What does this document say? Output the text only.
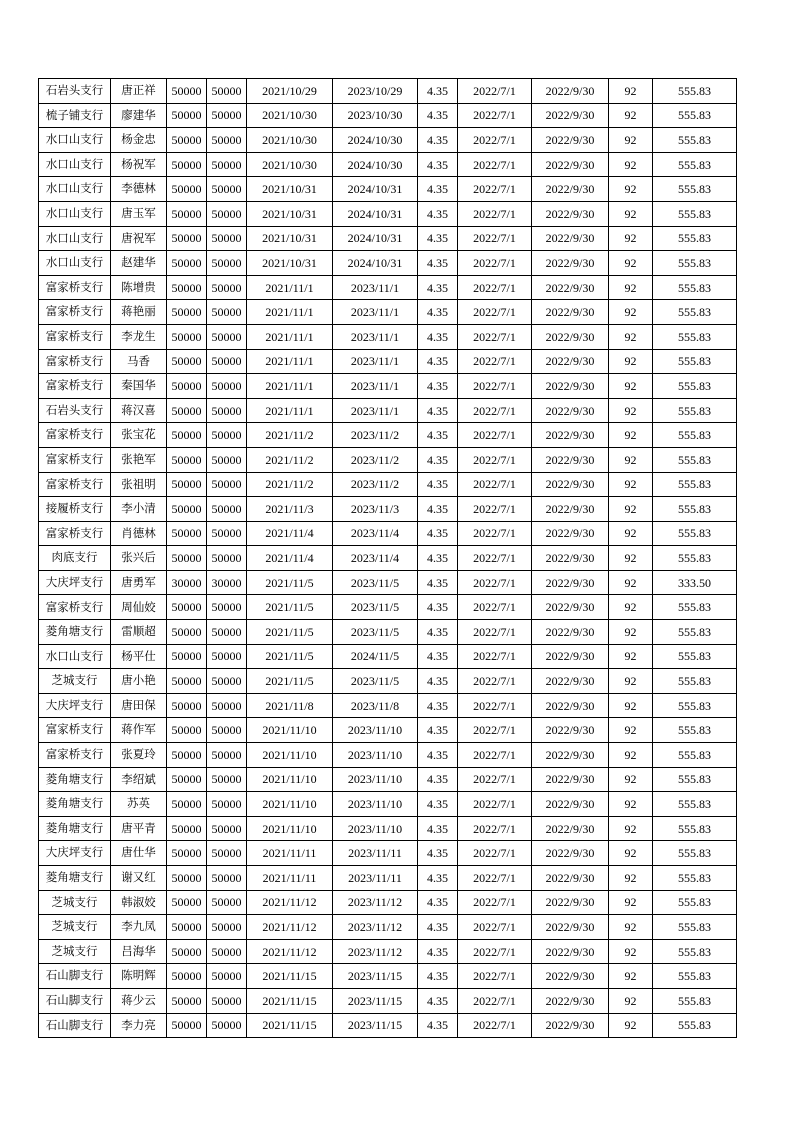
石岩头支行	唐正祥	50000	50000	2021/10/29	2023/10/29	4.35	2022/7/1	2022/9/30	92	555.83
梳子铺支行	廖建华	50000	50000	2021/10/30	2023/10/30	4.35	2022/7/1	2022/9/30	92	555.83
水口山支行	杨金忠	50000	50000	2021/10/30	2024/10/30	4.35	2022/7/1	2022/9/30	92	555.83
水口山支行	杨祝军	50000	50000	2021/10/30	2024/10/30	4.35	2022/7/1	2022/9/30	92	555.83
水口山支行	李德林	50000	50000	2021/10/31	2024/10/31	4.35	2022/7/1	2022/9/30	92	555.83
水口山支行	唐玉军	50000	50000	2021/10/31	2024/10/31	4.35	2022/7/1	2022/9/30	92	555.83
水口山支行	唐祝军	50000	50000	2021/10/31	2024/10/31	4.35	2022/7/1	2022/9/30	92	555.83
水口山支行	赵建华	50000	50000	2021/10/31	2024/10/31	4.35	2022/7/1	2022/9/30	92	555.83
富家桥支行	陈增贵	50000	50000	2021/11/1	2023/11/1	4.35	2022/7/1	2022/9/30	92	555.83
富家桥支行	蒋艳丽	50000	50000	2021/11/1	2023/11/1	4.35	2022/7/1	2022/9/30	92	555.83
富家桥支行	李龙生	50000	50000	2021/11/1	2023/11/1	4.35	2022/7/1	2022/9/30	92	555.83
富家桥支行	马香	50000	50000	2021/11/1	2023/11/1	4.35	2022/7/1	2022/9/30	92	555.83
富家桥支行	秦国华	50000	50000	2021/11/1	2023/11/1	4.35	2022/7/1	2022/9/30	92	555.83
石岩头支行	蒋汉喜	50000	50000	2021/11/1	2023/11/1	4.35	2022/7/1	2022/9/30	92	555.83
富家桥支行	张宝花	50000	50000	2021/11/2	2023/11/2	4.35	2022/7/1	2022/9/30	92	555.83
富家桥支行	张艳军	50000	50000	2021/11/2	2023/11/2	4.35	2022/7/1	2022/9/30	92	555.83
富家桥支行	张祖明	50000	50000	2021/11/2	2023/11/2	4.35	2022/7/1	2022/9/30	92	555.83
接履桥支行	李小清	50000	50000	2021/11/3	2023/11/3	4.35	2022/7/1	2022/9/30	92	555.83
富家桥支行	肖德林	50000	50000	2021/11/4	2023/11/4	4.35	2022/7/1	2022/9/30	92	555.83
肉底支行	张兴后	50000	50000	2021/11/4	2023/11/4	4.35	2022/7/1	2022/9/30	92	555.83
大庆坪支行	唐勇军	30000	30000	2021/11/5	2023/11/5	4.35	2022/7/1	2022/9/30	92	333.50
富家桥支行	周仙姣	50000	50000	2021/11/5	2023/11/5	4.35	2022/7/1	2022/9/30	92	555.83
菱角塘支行	雷顺超	50000	50000	2021/11/5	2023/11/5	4.35	2022/7/1	2022/9/30	92	555.83
水口山支行	杨平仕	50000	50000	2021/11/5	2024/11/5	4.35	2022/7/1	2022/9/30	92	555.83
芝城支行	唐小艳	50000	50000	2021/11/5	2023/11/5	4.35	2022/7/1	2022/9/30	92	555.83
大庆坪支行	唐田保	50000	50000	2021/11/8	2023/11/8	4.35	2022/7/1	2022/9/30	92	555.83
富家桥支行	蒋作军	50000	50000	2021/11/10	2023/11/10	4.35	2022/7/1	2022/9/30	92	555.83
富家桥支行	张夏玲	50000	50000	2021/11/10	2023/11/10	4.35	2022/7/1	2022/9/30	92	555.83
菱角塘支行	李绍斌	50000	50000	2021/11/10	2023/11/10	4.35	2022/7/1	2022/9/30	92	555.83
菱角塘支行	苏英	50000	50000	2021/11/10	2023/11/10	4.35	2022/7/1	2022/9/30	92	555.83
菱角塘支行	唐平青	50000	50000	2021/11/10	2023/11/10	4.35	2022/7/1	2022/9/30	92	555.83
大庆坪支行	唐仕华	50000	50000	2021/11/11	2023/11/11	4.35	2022/7/1	2022/9/30	92	555.83
菱角塘支行	谢又红	50000	50000	2021/11/11	2023/11/11	4.35	2022/7/1	2022/9/30	92	555.83
芝城支行	韩淑姣	50000	50000	2021/11/12	2023/11/12	4.35	2022/7/1	2022/9/30	92	555.83
芝城支行	李九凤	50000	50000	2021/11/12	2023/11/12	4.35	2022/7/1	2022/9/30	92	555.83
芝城支行	吕海华	50000	50000	2021/11/12	2023/11/12	4.35	2022/7/1	2022/9/30	92	555.83
石山脚支行	陈明辉	50000	50000	2021/11/15	2023/11/15	4.35	2022/7/1	2022/9/30	92	555.83
石山脚支行	蒋少云	50000	50000	2021/11/15	2023/11/15	4.35	2022/7/1	2022/9/30	92	555.83
石山脚支行	李力亮	50000	50000	2021/11/15	2023/11/15	4.35	2022/7/1	2022/9/30	92	555.83
